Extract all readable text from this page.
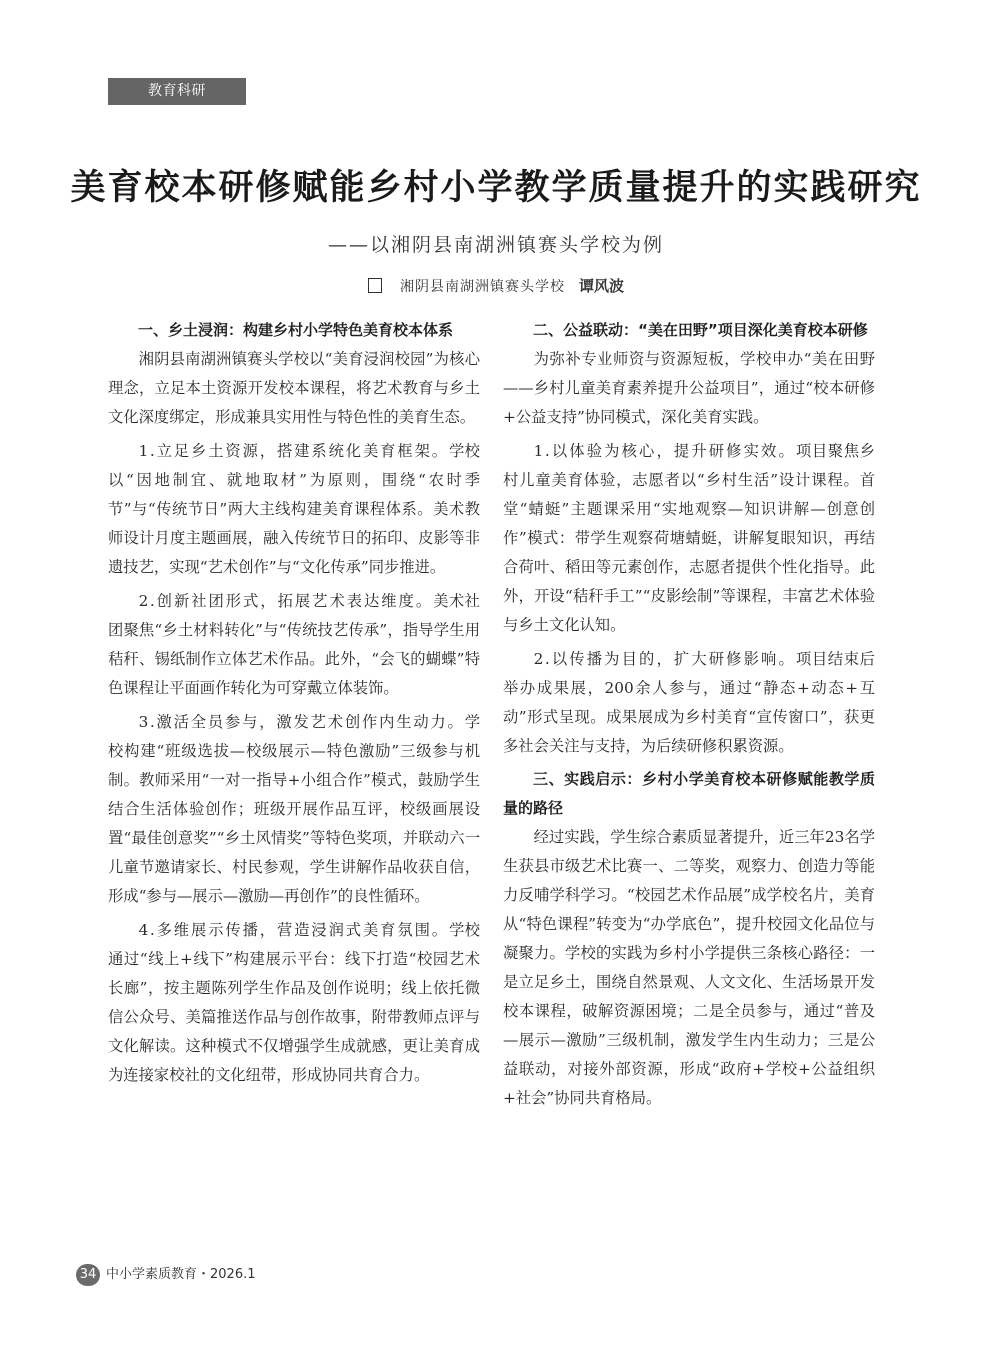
教育科研
美育校本研修赋能乡村小学教学质量提升的实践研究
——以湘阴县南湖洲镇赛头学校为例
湘阴县南湖洲镇赛头学校 谭风波
一、乡土浸润：构建乡村小学特色美育校本体系

湘阴县南湖洲镇赛头学校以“美育浸润校园”为核心理念，立足本土资源开发校本课程，将艺术教育与乡土文化深度绑定，形成兼具实用性与特色性的美育生态。

1.立足乡土资源，搭建系统化美育框架。学校以“因地制宜、就地取材”为原则，围绕“农时季节”与“传统节日”两大主线构建美育课程体系。美术教师设计月度主题画展，融入传统节日的拓印、皮影等非遗技艺，实现“艺术创作”与“文化传承”同步推进。

2.创新社团形式，拓展艺术表达维度。美术社团聚焦“乡土材料转化”与“传统技艺传承”，指导学生用秸秆、锡纸制作立体艺术作品。此外，“会飞的蝴蝶”特色课程让平面画作转化为可穿戴立体装饰。

3.激活全员参与，激发艺术创作内生动力。学校构建“班级选拔—校级展示—特色激励”三级参与机制。教师采用“一对一指导+小组合作”模式，鼓励学生结合生活体验创作；班级开展作品互评，校级画展设置“最佳创意奖”“乡土风情奖”等特色奖项，并联动六一儿童节邀请家长、村民参观，学生讲解作品收获自信，形成“参与—展示—激励—再创作”的良性循环。

4.多维展示传播，营造浸润式美育氛围。学校通过“线上+线下”构建展示平台：线下打造“校园艺术长廊”，按主题陈列学生作品及创作说明；线上依托微信公众号、美篇推送作品与创作故事，附带教师点评与文化解读。这种模式不仅增强学生成就感，更让美育成为连接家校社的文化纽带，形成协同共育合力。

二、公益联动：“美在田野”项目深化美育校本研修

为弥补专业师资与资源短板，学校申办“美在田野——乡村儿童美育素养提升公益项目”，通过“校本研修+公益支持”协同模式，深化美育实践。

1.以体验为核心，提升研修实效。项目聚焦乡村儿童美育体验，志愿者以“乡村生活”设计课程。首堂“蜻蜓”主题课采用“实地观察—知识讲解—创意创作”模式：带学生观察荷塘蜻蜓，讲解复眼知识，再结合荷叶、稻田等元素创作，志愿者提供个性化指导。此外，开设“秸秆手工”“皮影绘制”等课程，丰富艺术体验与乡土文化认知。

2.以传播为目的，扩大研修影响。项目结束后举办成果展，200余人参与，通过“静态+动态+互动”形式呈现。成果展成为乡村美育“宣传窗口”，获更多社会关注与支持，为后续研修积累资源。

三、实践启示：乡村小学美育校本研修赋能教学质量的路径

经过实践，学生综合素质显著提升，近三年23名学生获县市级艺术比赛一、二等奖，观察力、创造力等能力反哺学科学习。“校园艺术作品展”成学校名片，美育从“特色课程”转变为“办学底色”，提升校园文化品位与凝聚力。学校的实践为乡村小学提供三条核心路径：一是立足乡土，围绕自然景观、人文文化、生活场景开发校本课程，破解资源困境；二是全员参与，通过“普及—展示—激励”三级机制，激发学生内生动力；三是公益联动，对接外部资源，形成“政府+学校+公益组织+社会”协同共育格局。

34 中小学素质教育・2026.1
